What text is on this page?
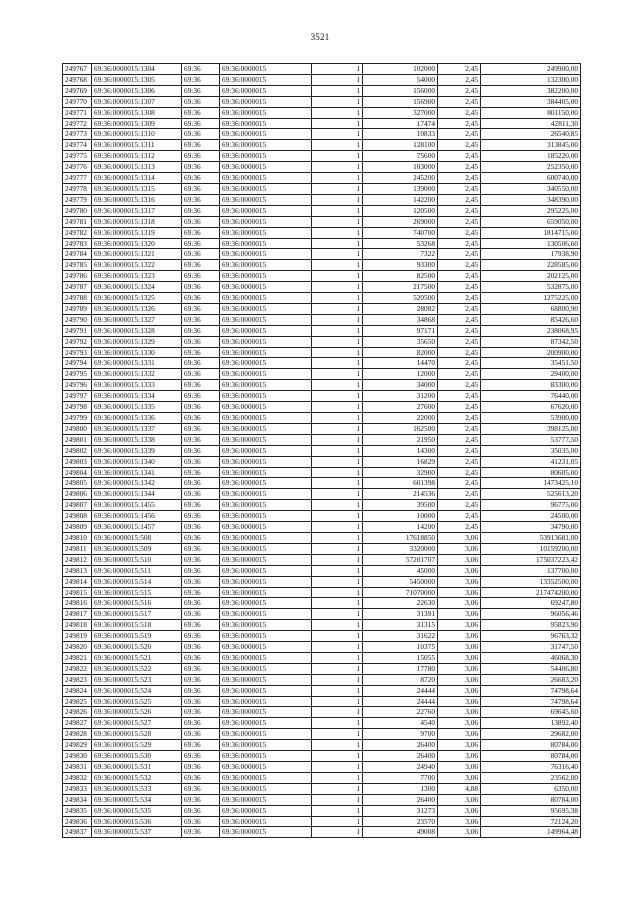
3521
249767	69:36:0000015:1304	69:36	69:36:0000015	1	102000	2,45	249900,00
249768	69:36:0000015:1305	69:36	69:36:0000015	1	54000	2,45	132300,00
249769	69:36:0000015:1306	69:36	69:36:0000015	1	156000	2,45	382200,00
249770	69:36:0000015:1307	69:36	69:36:0000015	1	156900	2,45	384405,00
249771	69:36:0000015:1308	69:36	69:36:0000015	1	327000	2,45	801150,00
249772	69:36:0000015:1309	69:36	69:36:0000015	1	17474	2,45	42811,30
249773	69:36:0000015:1310	69:36	69:36:0000015	1	10833	2,45	26540,85
249774	69:36:0000015:1311	69:36	69:36:0000015	1	128100	2,45	313845,00
249775	69:36:0000015:1312	69:36	69:36:0000015	1	75600	2,45	185220,00
249776	69:36:0000015:1313	69:36	69:36:0000015	1	103000	2,45	252350,00
249777	69:36:0000015:1314	69:36	69:36:0000015	1	245200	2,45	600740,00
249778	69:36:0000015:1315	69:36	69:36:0000015	1	139000	2,45	340550,00
249779	69:36:0000015:1316	69:36	69:36:0000015	1	142200	2,45	348390,00
249780	69:36:0000015:1317	69:36	69:36:0000015	1	120500	2,45	295225,00
249781	69:36:0000015:1318	69:36	69:36:0000015	1	269000	2,45	659050,00
249782	69:36:0000015:1319	69:36	69:36:0000015	1	740700	2,45	1814715,00
249783	69:36:0000015:1320	69:36	69:36:0000015	1	53268	2,45	130506,60
249784	69:36:0000015:1321	69:36	69:36:0000015	1	7322	2,45	17938,90
249785	69:36:0000015:1322	69:36	69:36:0000015	1	93300	2,45	228585,00
249786	69:36:0000015:1323	69:36	69:36:0000015	1	82500	2,45	202125,00
249787	69:36:0000015:1324	69:36	69:36:0000015	1	217500	2,45	532875,00
249788	69:36:0000015:1325	69:36	69:36:0000015	1	520500	2,45	1275225,00
249789	69:36:0000015:1326	69:36	69:36:0000015	1	28082	2,45	68800,90
249790	69:36:0000015:1327	69:36	69:36:0000015	1	34868	2,45	85426,60
249791	69:36:0000015:1328	69:36	69:36:0000015	1	97171	2,45	238068,95
249792	69:36:0000015:1329	69:36	69:36:0000015	1	35650	2,45	87342,50
249793	69:36:0000015:1330	69:36	69:36:0000015	1	82000	2,45	200900,00
249794	69:36:0000015:1331	69:36	69:36:0000015	1	14470	2,45	35451,50
249795	69:36:0000015:1332	69:36	69:36:0000015	1	12000	2,45	29400,00
249796	69:36:0000015:1333	69:36	69:36:0000015	1	34000	2,45	83300,00
249797	69:36:0000015:1334	69:36	69:36:0000015	1	31200	2,45	76440,00
249798	69:36:0000015:1335	69:36	69:36:0000015	1	27600	2,45	67620,00
249799	69:36:0000015:1336	69:36	69:36:0000015	1	22000	2,45	53900,00
249800	69:36:0000015:1337	69:36	69:36:0000015	1	162500	2,45	398125,00
249801	69:36:0000015:1338	69:36	69:36:0000015	1	21950	2,45	53777,50
249802	69:36:0000015:1339	69:36	69:36:0000015	1	14300	2,45	35035,00
249803	69:36:0000015:1340	69:36	69:36:0000015	1	16829	2,45	41231,05
249804	69:36:0000015:1341	69:36	69:36:0000015	1	32900	2,45	80605,00
249805	69:36:0000015:1342	69:36	69:36:0000015	1	601398	2,45	1473425,10
249806	69:36:0000015:1344	69:36	69:36:0000015	1	214536	2,45	525613,20
249807	69:36:0000015:1455	69:36	69:36:0000015	1	39500	2,45	96775,00
249808	69:36:0000015:1456	69:36	69:36:0000015	1	10000	2,45	24500,00
249809	69:36:0000015:1457	69:36	69:36:0000015	1	14200	2,45	34790,00
249810	69:36:0000015:508	69:36	69:36:0000015	1	17618850	3,06	53913681,00
249811	69:36:0000015:509	69:36	69:36:0000015	1	3320000	3,06	10159200,00
249812	69:36:0000015:510	69:36	69:36:0000015	1	57201707	3,06	175037223,42
249813	69:36:0000015:511	69:36	69:36:0000015	1	45000	3,06	137700,00
249814	69:36:0000015:514	69:36	69:36:0000015	1	5450000	3,06	13352500,00
249815	69:36:0000015:515	69:36	69:36:0000015	1	71070000	3,06	217474200,00
249816	69:36:0000015:516	69:36	69:36:0000015	1	22630	3,06	69247,80
249817	69:36:0000015:517	69:36	69:36:0000015	1	31391	3,06	96056,46
249818	69:36:0000015:518	69:36	69:36:0000015	1	31315	3,06	95823,90
249819	69:36:0000015:519	69:36	69:36:0000015	1	31622	3,06	96763,32
249820	69:36:0000015:520	69:36	69:36:0000015	1	10375	3,06	31747,50
249821	69:36:0000015:521	69:36	69:36:0000015	1	15055	3,06	46068,30
249822	69:36:0000015:522	69:36	69:36:0000015	1	17780	3,06	54406,80
249823	69:36:0000015:523	69:36	69:36:0000015	1	8720	3,06	26683,20
249824	69:36:0000015:524	69:36	69:36:0000015	1	24444	3,06	74798,64
249825	69:36:0000015:525	69:36	69:36:0000015	1	24444	3,06	74798,64
249826	69:36:0000015:526	69:36	69:36:0000015	1	22760	3,06	69645,60
249827	69:36:0000015:527	69:36	69:36:0000015	1	4540	3,06	13892,40
249828	69:36:0000015:528	69:36	69:36:0000015	1	9700	3,06	29682,00
249829	69:36:0000015:529	69:36	69:36:0000015	1	26400	3,06	80784,00
249830	69:36:0000015:530	69:36	69:36:0000015	1	26400	3,06	80784,00
249831	69:36:0000015:531	69:36	69:36:0000015	1	24940	3,06	76316,40
249832	69:36:0000015:532	69:36	69:36:0000015	1	7700	3,06	23562,00
249833	69:36:0000015:533	69:36	69:36:0000015	1	1300	4,88	6350,00
249834	69:36:0000015:534	69:36	69:36:0000015	1	26400	3,06	80784,00
249835	69:36:0000015:535	69:36	69:36:0000015	1	31273	3,06	95695,38
249836	69:36:0000015:536	69:36	69:36:0000015	1	23570	3,06	72124,20
249837	69:36:0000015:537	69:36	69:36:0000015	1	49008	3,06	149964,48
